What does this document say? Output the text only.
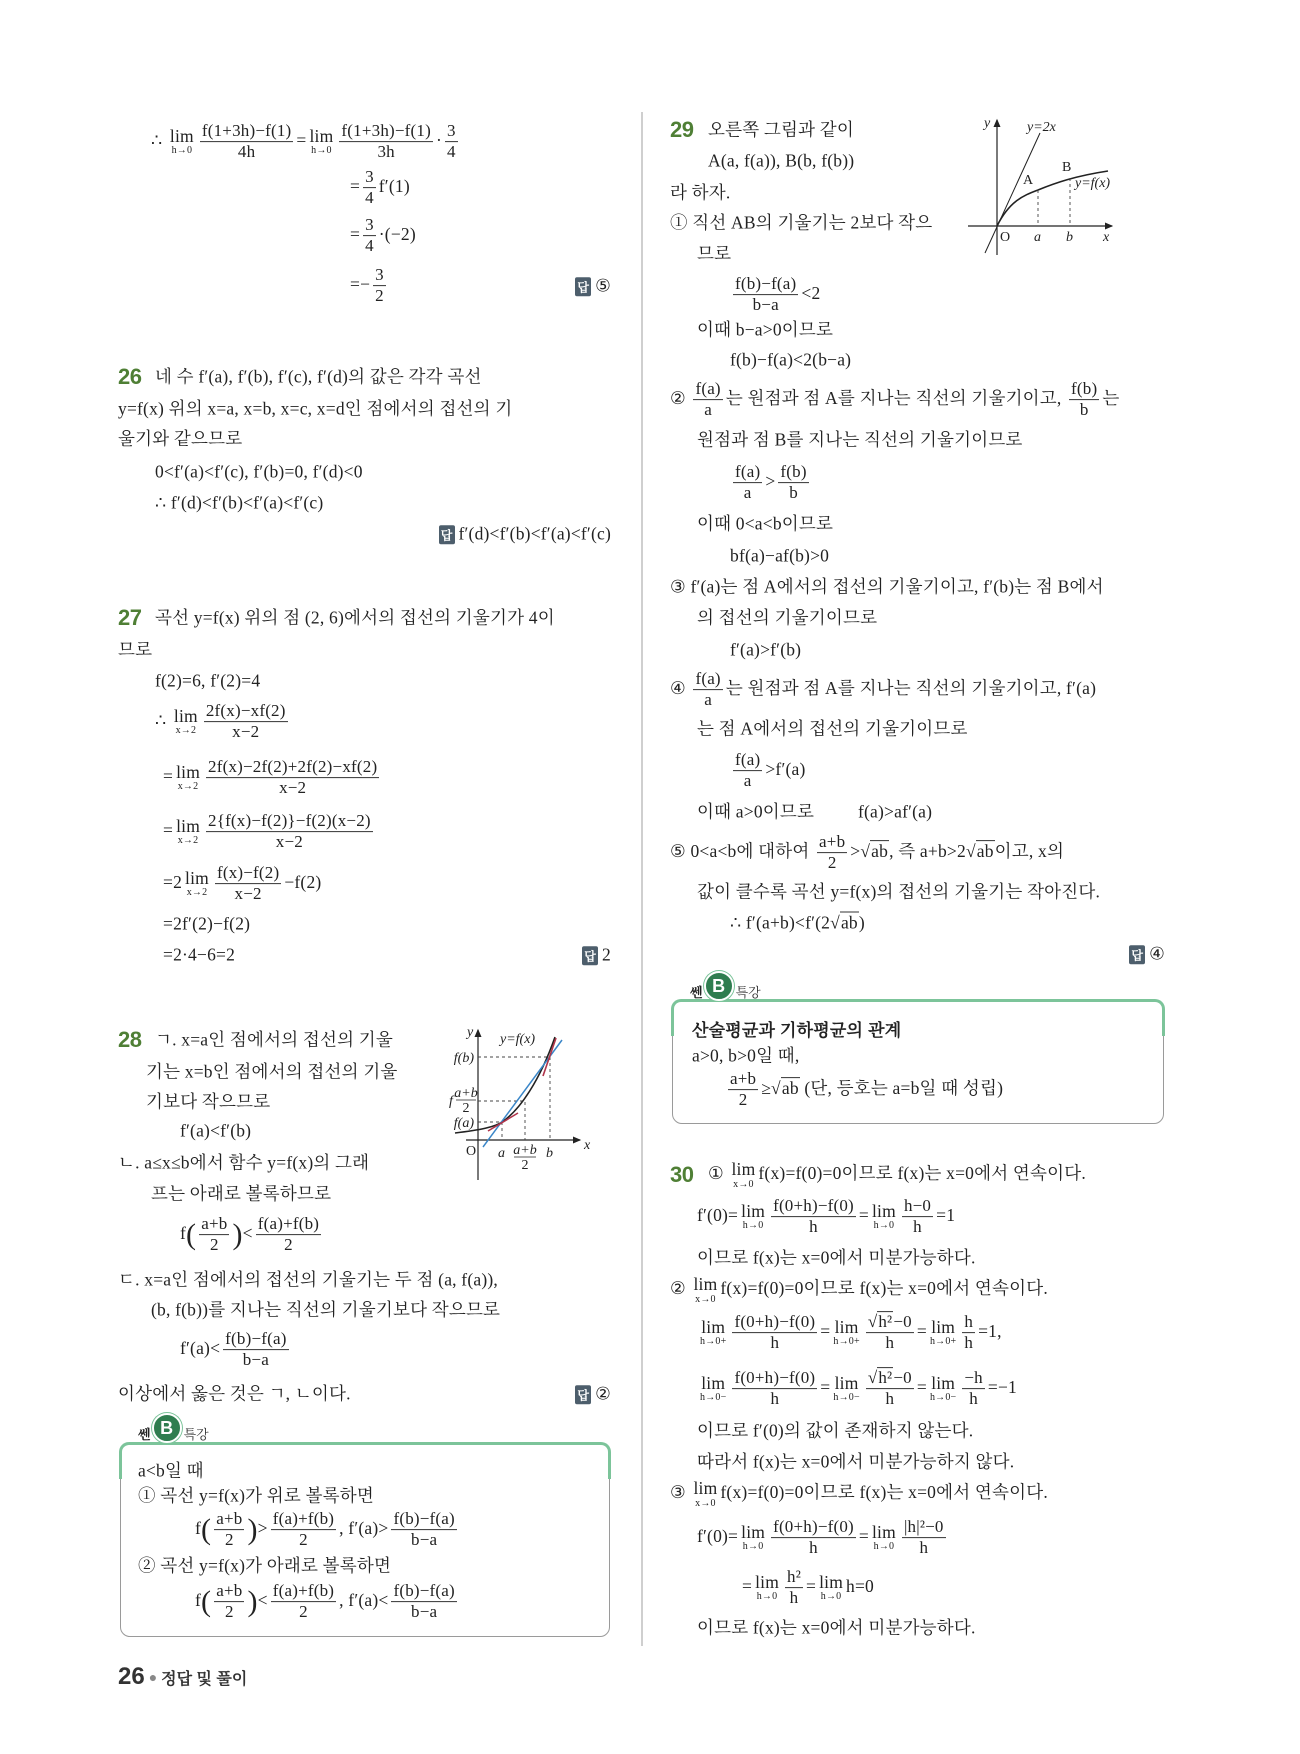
∴ lim
$h\to 0 \frac{f(1+3h)-f(1)}{4h} = \lim$
$h\to 0 \frac{f(1+3h)-f(1)}{3h} \cdot \frac{3}{4}$
= $\frac{3}{4} f'(1)$
= $\frac{3}{4} \cdot(-2)$
=− $\frac{3}{2}$	답 ⑤
26 네 수 f′(a), f′(b), f′(c), f′(d)의 값은 각각 곡선
y=f(x) 위의 x=a, x=b, x=c, x=d인 점에서의 접선의 기
울기와 같으므로
0<f′(a)<f′(c), f′(b)=0, f′(d)<0
∴ f′(d)<f′(b)<f′(a)<f′(c)
답 f′(d)<f′(b)<f′(a)<f′(c)
27 곡선 y=f(x) 위의 점 (2, 6)에서의 접선의 기울기가 4이
므로
f(2)=6, f′(2)=4
∴ lim
$x\to 2 \frac{2f(x)-xf(2)}{x-2}$
= lim
$x\to 2 \frac{2f(x)-2f(2)+2f(2)-xf(2)}{x-2}$
= lim
$x\to 2 \frac{2\{f(x)-f(2)\}-f(2)(x-2)}{x-2}$
=2 lim
$x\to 2 \frac{f(x)-f(2)}{x-2} -f(2)$
=2f′(2)−f(2)
=2·4−6=2	답 2
28 ㄱ. x=a인 점에서의 접선의 기울
기는 x=b인 점에서의 접선의 기울
기보다 작으므로
f′(a)<f′(b)
ㄴ. a≤x≤b에서 함수 y=f(x)의 그래
프는 아래로 볼록하므로
$f( \frac{a+b}{2}$ )< $\frac{f(a)+f(b)}{2}$
ㄷ. x=a인 점에서의 접선의 기울기는 두 점 (a, f(a)),
(b, f(b))를 지나는 직선의 기울기보다 작으므로
$f'(a)< \frac{f(b)-f(a)}{b-a}$
이상에서 옳은 것은 ㄱ, ㄴ이다.	답 ②
y
x
O
y=f(x)
f(b)
f
a+b
2
f(a)
a a+b
2
b
쎈 B 특강
a<b일 때
① 곡선 y=f(x)가 위로 볼록하면
$f( \frac{a+b}{2}$ )> $\frac{f(a)+f(b)}{2}$ , $f'(a)> \frac{f(b)-f(a)}{b-a}$
② 곡선 y=f(x)가 아래로 볼록하면
$f( \frac{a+b}{2}$ )< $\frac{f(a)+f(b)}{2}$ , $f'(a)< \frac{f(b)-f(a)}{b-a}$
29 오른쪽 그림과 같이
A(a, f(a)), B(b, f(b))
라 하자.
① 직선 AB의 기울기는 2보다 작으
므로
$\frac{f(b)-f(a)}{b-a} <2$
이때 b−a>0이므로
f(b)−f(a)<2(b−a)
② $\frac{f(a)}{a}$ 는 원점과 점 A를 지나는 직선의 기울기이고, $\frac{f(b)}{b}$ 는
원점과 점 B를 지나는 직선의 기울기이므로
$\frac{f(a)}{a} > \frac{f(b)}{b}$
이때 0<a<b이므로
bf(a)−af(b)>0
③ f′(a)는 점 A에서의 접선의 기울기이고, f′(b)는 점 B에서
의 접선의 기울기이므로
f′(a)>f′(b)
④ $\frac{f(a)}{a}$ 는 원점과 점 A를 지나는 직선의 기울기이고, f′(a)
는 점 A에서의 접선의 기울기이므로
$\frac{f(a)}{a} >f'(a)$
이때 a>0이므로	f(a)>af′(a)
⑤ 0<a<b에 대하여 $\frac{a+b}{2} >√ab$, 즉 a+b>2√ab이고, x의
값이 클수록 곡선 y=f(x)의 접선의 기울기는 작아진다.
∴ f′(a+b)<f′(2√ab)
답 ④
y	y=2x
A
B
y=f(x)
O a b x
쎈 B 특강
산술평균과 기하평균의 관계
a>0, b>0일 때,
$\frac{a+b}{2} \ge√ab$ (단, 등호는 a=b일 때 성립)
30 ① lim
x→0
f(x)=f(0)=0이므로 f(x)는 x=0에서 연속이다.
f′(0)= lim
$h\to 0 \frac{f(0+h)-f(0)}{h} = \lim$
$h\to 0 \frac{h-0}{h} =1$
이므로 f(x)는 x=0에서 미분가능하다.
② lim
x→0
f(x)=f(0)=0이므로 f(x)는 x=0에서 연속이다.
lim
$h\to 0+ \frac{f(0+h)-f(0)}{h} = \lim$
$h\to 0+ \frac{\text{√h²−0}}{h} = \lim$
$h\to 0+ \frac{h}{h} =1$,
lim
$h\to 0- \frac{f(0+h)-f(0)}{h} = \lim$
$h\to 0- \frac{\text{√h²−0}}{h} = \lim$
$h\to 0- \frac{-h}{h} =-1$
이므로 f′(0)의 값이 존재하지 않는다.
따라서 f(x)는 x=0에서 미분가능하지 않다.
③ lim
x→0
f(x)=f(0)=0이므로 f(x)는 x=0에서 연속이다.
f′(0)= lim
$h\to 0 \frac{f(0+h)-f(0)}{h} = \lim$
$h\to 0 \frac{\text{|h|²−0}}{h}$
= lim
$h\to 0 \frac{\text{h²}}{h} = \lim$
h→0
h=0
이므로 f(x)는 x=0에서 미분가능하다.
26 ● 정답 및 풀이
